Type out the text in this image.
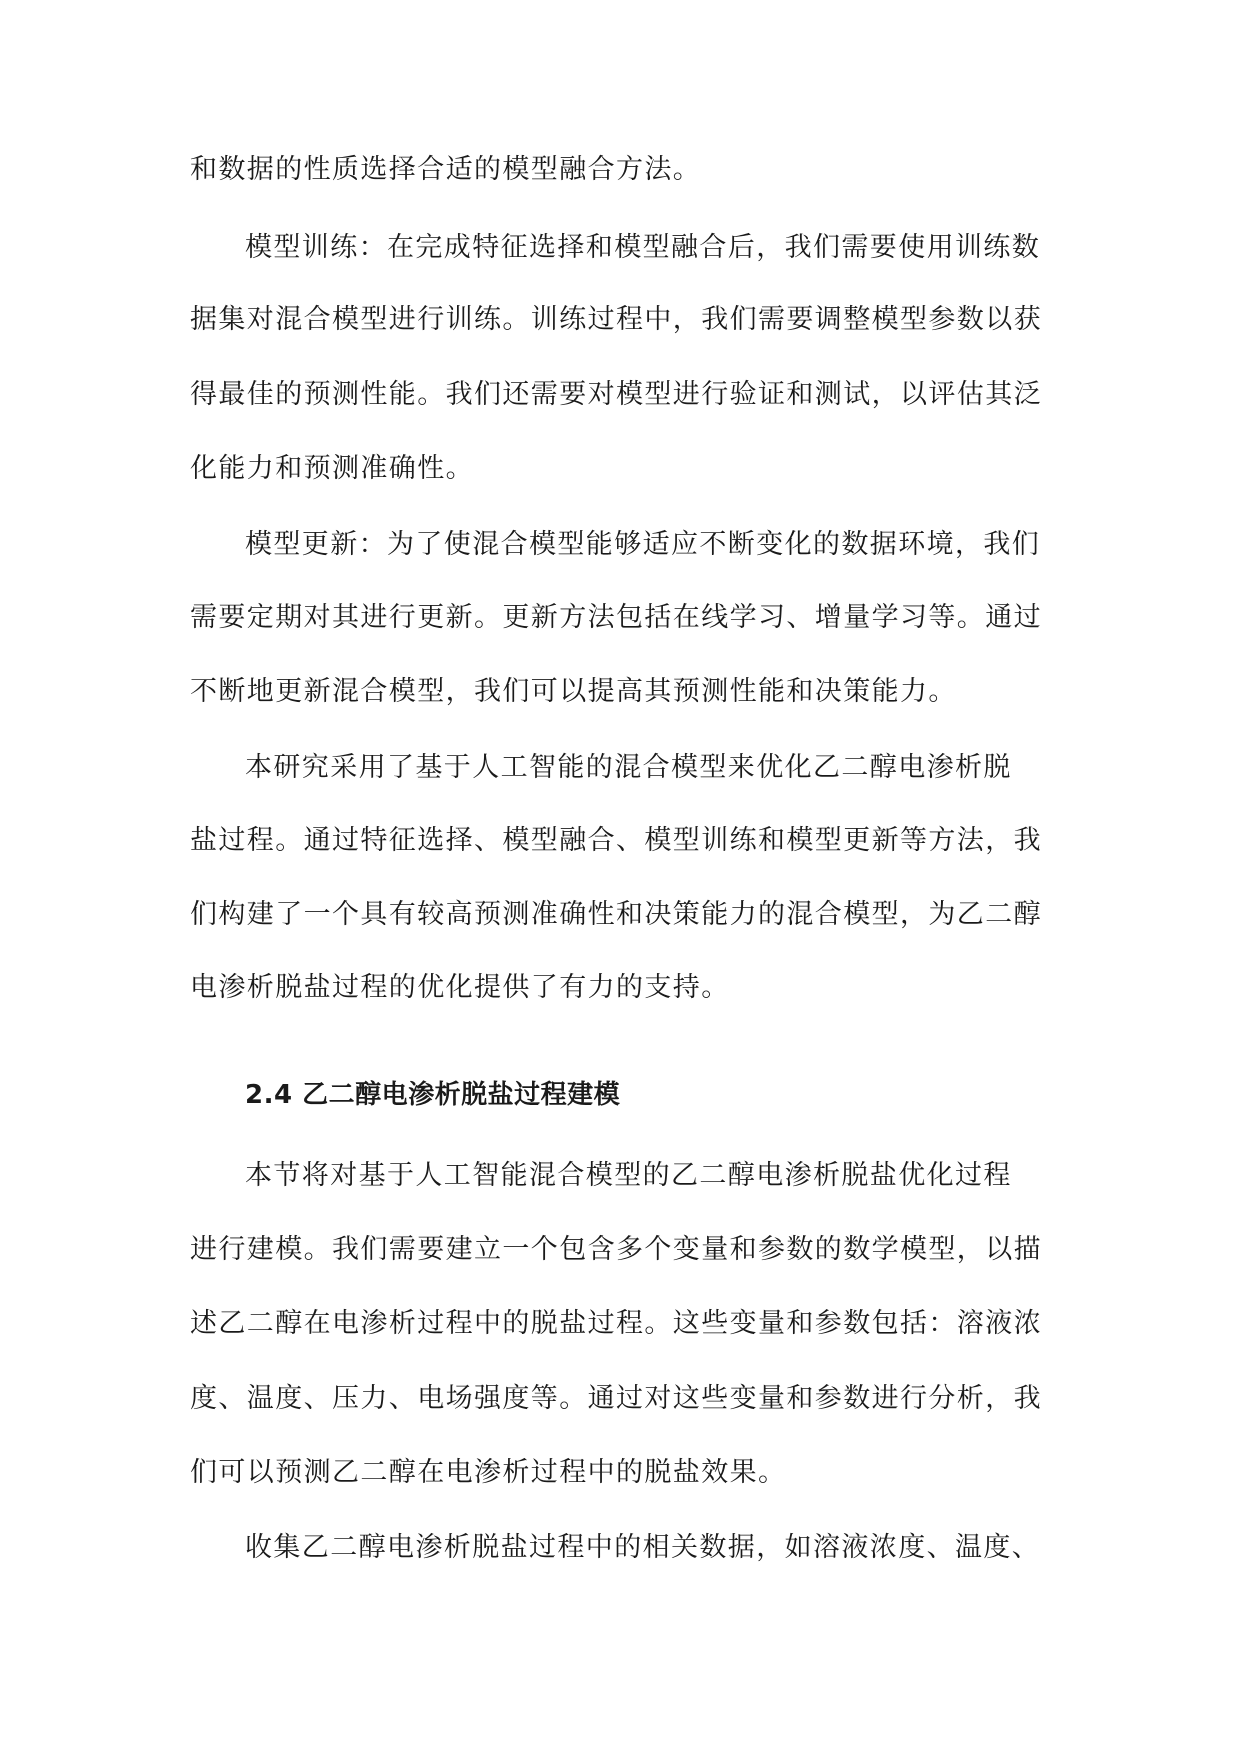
和数据的性质选择合适的模型融合方法。
模型训练：在完成特征选择和模型融合后，我们需要使用训练数
据集对混合模型进行训练。训练过程中，我们需要调整模型参数以获
得最佳的预测性能。我们还需要对模型进行验证和测试，以评估其泛
化能力和预测准确性。
模型更新：为了使混合模型能够适应不断变化的数据环境，我们
需要定期对其进行更新。更新方法包括在线学习、增量学习等。通过
不断地更新混合模型，我们可以提高其预测性能和决策能力。
本研究采用了基于人工智能的混合模型来优化乙二醇电渗析脱
盐过程。通过特征选择、模型融合、模型训练和模型更新等方法，我
们构建了一个具有较高预测准确性和决策能力的混合模型，为乙二醇
电渗析脱盐过程的优化提供了有力的支持。
2.4 乙二醇电渗析脱盐过程建模
本节将对基于人工智能混合模型的乙二醇电渗析脱盐优化过程
进行建模。我们需要建立一个包含多个变量和参数的数学模型，以描
述乙二醇在电渗析过程中的脱盐过程。这些变量和参数包括：溶液浓
度、温度、压力、电场强度等。通过对这些变量和参数进行分析，我
们可以预测乙二醇在电渗析过程中的脱盐效果。
收集乙二醇电渗析脱盐过程中的相关数据，如溶液浓度、温度、
